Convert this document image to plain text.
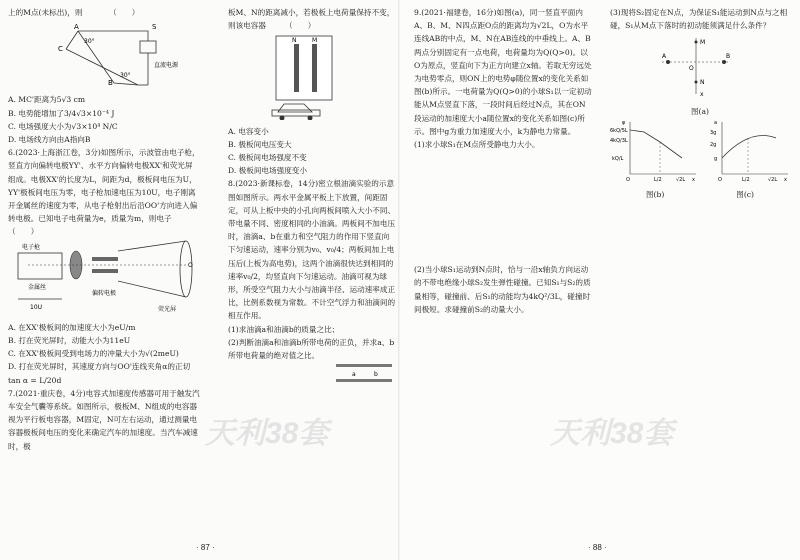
天利38套

上的M点(未标出)，则　　　　（　　）

A
C
B
S
30°
30°
直流电源

A. MC'距离为5√3 cm

B. 电势能增加了3/4√3×10⁻⁴ J

C. 电场强度大小为√3×10⁴ N/C

D. 电场线方向由A指向B

6.(2023·上海浙江卷，3分)如图所示，示波管由电子枪，竖直方向偏转电极YY'、水平方向偏转电极XX'和荧光屏组成。电极XX'的长度为L，间距为d，极板间电压为U，YY'极板间电压为零，电子枪加速电压为10U，电子刚离开金属丝的速度为零，从电子枪射出后沿OO'方向进入偏转电极。已知电子电荷量为e，质量为m，则电子　（　　）

电子枪
金属丝
荧光屏
偏转电极
O
10U

A. 在XX'极板间的加速度大小为eU/m

B. 打在荧光屏时，动能大小为11eU

C. 在XX'极板间受到电场力的冲量大小为√(2meU)

D. 打在荧光屏时，其速度方向与OO'连线夹角α的正切 tan α = L/20d

7.(2021·重庆卷，4分)电容式加速度传感器可用于触发汽车安全气囊等系统。如图所示，极板M、N组成的电容器视为平行板电容器，M固定，N可左右运动，通过测量电容器极板间电压的变化来确定汽车的加速度。当汽车减速时，极

板M、N的距离减小，若极板上电荷量保持不变，则该电容器　　　（　　）

N	M

A. 电容变小

B. 极板间电压变大

C. 极板间电场强度不变

D. 极板间电场强度变小

8.(2023·新课标卷，14分)密立根油滴实验的示意图如图所示。两水平金属平板上下放置，间距固定，可从上板中央的小孔向两板间喷入大小不同、带电量不同、密度相同的小油滴。两板间不加电压时，油滴a、b在重力和空气阻力的作用下竖直向下匀速运动，速率分别为v₀、v₀/4；两板间加上电压后(上板为高电势)，这两个油滴很快达到相同的速率v₀/2，均竖直向下匀速运动。油滴可视为球形，所受空气阻力大小与油滴半径、运动速率成正比，比例系数视为常数。不计空气浮力和油滴间的相互作用。

(1)求油滴a和油滴b的质量之比；

(2)判断油滴a和油滴b所带电荷的正负，并求a、b所带电荷量的绝对值之比。

a	b
· 87 ·
天利38套

9.(2021·福建卷，16分)如图(a)，同一竖直平面内A、B、M、N四点距O点的距离均为√2L，O为水平连线AB的中点，M、N在AB连线的中垂线上。A、B两点分别固定有一点电荷，电荷量均为Q(Q>0)。以O为原点，竖直向下为正方向建立x轴。若取无穷远处为电势零点，则ON上的电势φ随位置x的变化关系如图(b)所示。一电荷量为Q(Q>0)的小球S₁以一定初动能从M点竖直下落，一段时间后经过N点，其在ON段运动的加速度大小a随位置x的变化关系如图(c)所示。图中g为重力加速度大小，k为静电力常量。

(1)求小球S₁在M点所受静电力大小。

(2)当小球S₁运动到N点时，恰与一沿x轴负方向运动的不带电绝缘小球S₂发生弹性碰撞。已知S₁与S₂的质量相等，碰撞前、后S₁的动能均为4kQ²/3L，碰撞时间极短。求碰撞前S₂的动量大小。

(3)现将S₂固定在N点，为保证S₁能运动到N点与之相碰，S₁从M点下落时的初动能须满足什么条件？

M
N
A	B
O
x

图(a)

φ
6kQ/5L
4kQ/3L
kQ/L
O	L/2	√2L x
a
3g
2g
g
O	L/2	√2L x
图(b)	图(c)
· 88 ·
